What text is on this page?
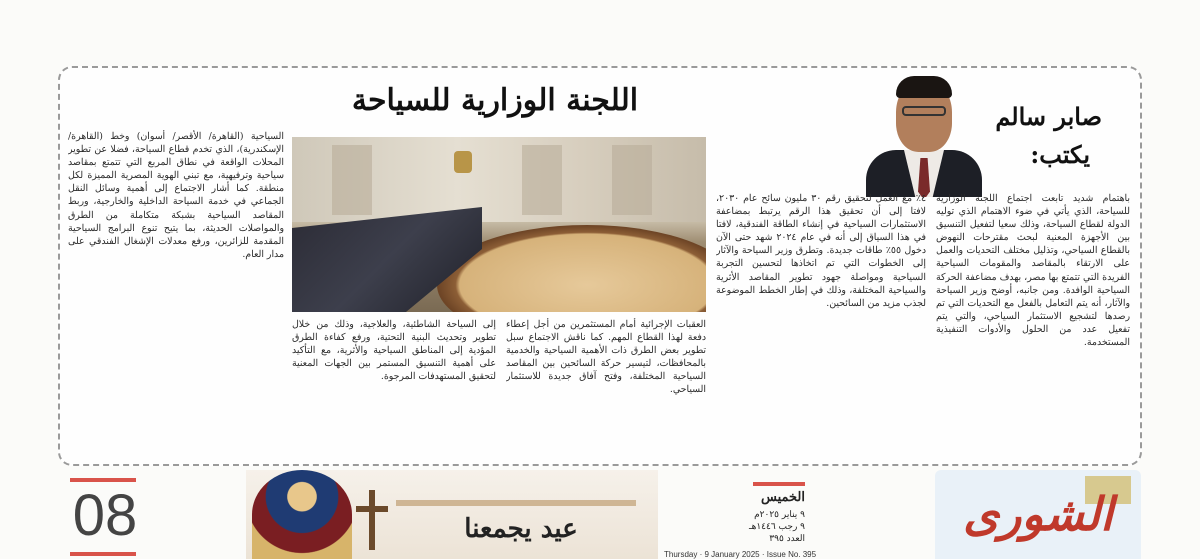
اللجنة الوزارية للسياحة	صابر سالم
يكتب:
باهتمام شديد تابعت اجتماع اللجنة الوزارية للسياحة، الذي يأتي في ضوء الاهتمام الذي توليه الدولة لقطاع السياحة، وذلك سعيا لتفعيل التنسيق بين الأجهزة المعنية لبحث مقترحات النهوض بالقطاع السياحي، وتذليل مختلف التحديات والعمل على الارتقاء بالمقاصد والمقومات السياحية الفريدة التي تتمتع بها مصر، بهدف مضاعفة الحركة السياحية الوافدة. ومن جانبه، أوضح وزير السياحة والآثار، أنه يتم التعامل بالفعل مع التحديات التي تم رصدها لتشجيع الاستثمار السياحي، والتي يتم تفعيل عدد من الحلول والأدوات التنفيذية المستخدمة.
٤٪ مع العمل لتحقيق رقم ٣٠ مليون سائح عام ٢٠٣٠، لافتا إلى أن تحقيق هذا الرقم يرتبط بمضاعفة الاستثمارات السياحية في إنشاء الطاقة الفندقية، لافتا في هذا السياق إلى أنه في عام ٢٠٢٤ شهد حتى الآن دخول ٥٥٪ طاقات جديدة. وتطرق وزير السياحة والآثار إلى الخطوات التي تم اتخاذها لتحسين التجربة السياحية ومواصلة جهود تطوير المقاصد الأثرية والسياحية المختلفة، وذلك في إطار الخطط الموضوعة لجذب مزيد من السائحين.
العقبات الإجرائية أمام المستثمرين من أجل إعطاء دفعة لهذا القطاع المهم. كما ناقش الاجتماع سبل تطوير بعض الطرق ذات الأهمية السياحية والخدمية بالمحافظات، لتيسير حركة السائحين بين المقاصد السياحية المختلفة، وفتح آفاق جديدة للاستثمار السياحي.
إلى السياحة الشاطئية، والعلاجية، وذلك من خلال تطوير وتحديث البنية التحتية، ورفع كفاءة الطرق المؤدية إلى المناطق السياحية والأثرية، مع التأكيد على أهمية التنسيق المستمر بين الجهات المعنية لتحقيق المستهدفات المرجوة.
السياحية (القاهرة/ الأقصر/ أسوان) وخط (القاهرة/ الإسكندرية)، الذي تخدم قطاع السياحة، فضلا عن تطوير المحلات الواقعة في نطاق المربع التي تتمتع بمقاصد سياحية وترفيهية، مع تبني الهوية المصرية المميزة لكل منطقة. كما أشار الاجتماع إلى أهمية وسائل النقل الجماعي في خدمة السياحة الداخلية والخارجية، وربط المقاصد السياحية بشبكة متكاملة من الطرق والمواصلات الحديثة، بما يتيح تنوع البرامج السياحية المقدمة للزائرين، ورفع معدلات الإشغال الفندقي على مدار العام.
08	عيد يجمعنا
الخميس
٩ يناير ٢٠٢٥م
٩ رجب ١٤٤٦هـ
العدد ٣٩٥
Thursday · 9 January 2025 · Issue No. 395
الشورى
